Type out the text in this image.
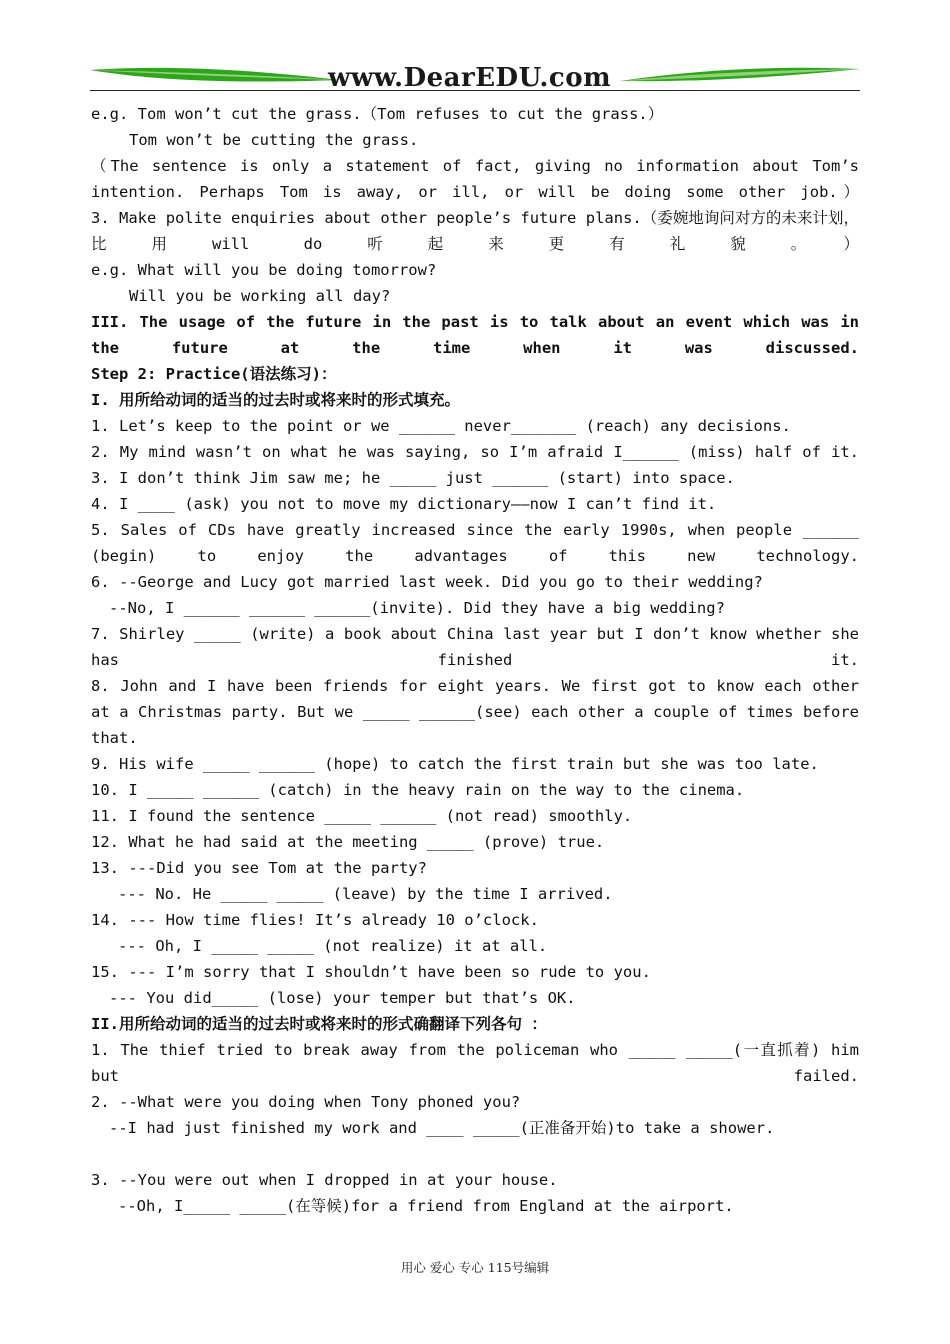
www.DearEDU.com

e.g. Tom won’t cut the grass.（Tom refuses to cut the grass.）

Tom won’t be cutting the grass.

（The sentence is only a statement of fact, giving no information about Tom’s intention. Perhaps Tom is away, or ill, or will be doing some other job.）

3. Make polite enquiries about other people’s future plans.（委婉地询问对方的未来计划，比用will do听起来更有礼貌。）

e.g. What will you be doing tomorrow?

Will you be working all day?

III. The usage of the future in the past is to talk about an event which was in the future at the time when it was discussed.

Step 2: Practice(语法练习)：

I. 用所给动词的适当的过去时或将来时的形式填充。

1. Let’s keep to the point or we ______ never_______ (reach) any decisions.

2. My mind wasn’t on what he was saying, so I’m afraid I______ (miss) half of it.

3. I don’t think Jim saw me; he _____ just ______ (start) into space.

4. I ____ (ask) you not to move my dictionary——now I can’t find it.

5. Sales of CDs have greatly increased since the early 1990s, when people ______ (begin) to enjoy the advantages of this new technology.

6. --George and Lucy got married last week. Did you go to their wedding?

--No, I ______ ______ ______(invite). Did they have a big wedding?

7. Shirley _____ (write) a book about China last year but I don’t know whether she has finished it.

8. John and I have been friends for eight years. We first got to know each other at a Christmas party. But we _____ ______(see) each other a couple of times before that.

9. His wife _____ ______ (hope) to catch the first train but she was too late.

10. I _____ ______ (catch) in the heavy rain on the way to the cinema.

11. I found the sentence _____ ______ (not read) smoothly.

12. What he had said at the meeting _____ (prove) true.

13. ---Did you see Tom at the party?

--- No. He _____ _____ (leave) by the time I arrived.

14. --- How time flies! It’s already 10 o’clock.

--- Oh, I _____ _____ (not realize) it at all.

15. --- I’m sorry that I shouldn’t have been so rude to you.

--- You did_____ (lose) your temper but that’s OK.

II.用所给动词的适当的过去时或将来时的形式确翻译下列各句 ：

1. The thief tried to break away from the policeman who _____ _____(一直抓着) him but failed.

2. --What were you doing when Tony phoned you?

--I had just finished my work and ____ _____(正准备开始)to take a shower.

3. --You were out when I dropped in at your house.

--Oh, I_____ _____(在等候)for a friend from England at the airport.

用心 爱心 专心 115号编辑
